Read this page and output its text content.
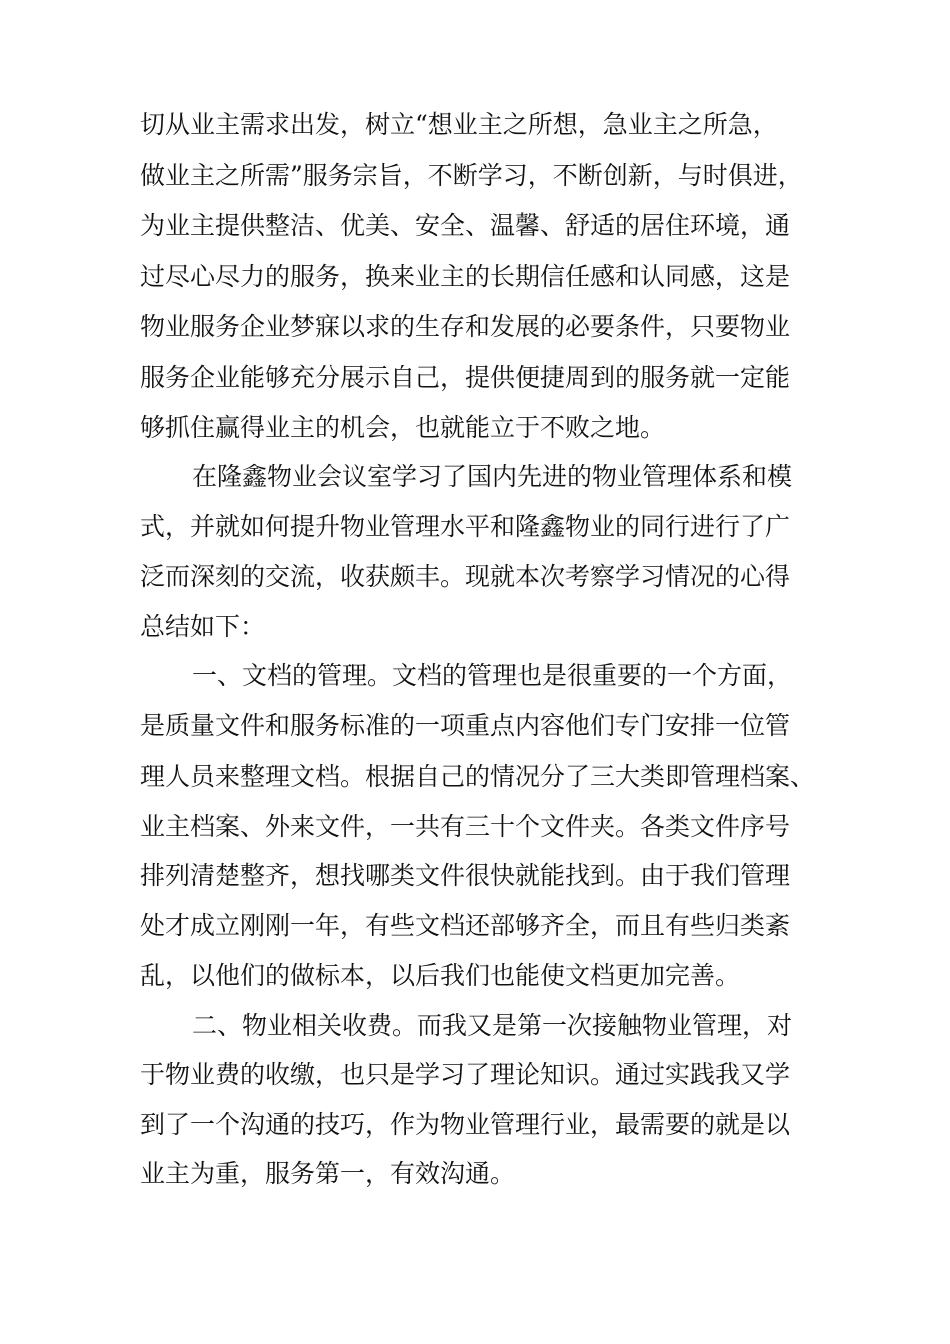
切从业主需求出发，树立“想业主之所想，急业主之所急，

做业主之所需”服务宗旨，不断学习，不断创新，与时俱进，

为业主提供整洁、优美、安全、温馨、舒适的居住环境，通

过尽心尽力的服务，换来业主的长期信任感和认同感，这是

物业服务企业梦寐以求的生存和发展的必要条件，只要物业

服务企业能够充分展示自己，提供便捷周到的服务就一定能

够抓住赢得业主的机会，也就能立于不败之地。

在隆鑫物业会议室学习了国内先进的物业管理体系和模

式，并就如何提升物业管理水平和隆鑫物业的同行进行了广

泛而深刻的交流，收获颇丰。现就本次考察学习情况的心得

总结如下：

一、文档的管理。文档的管理也是很重要的一个方面，

是质量文件和服务标准的一项重点内容他们专门安排一位管

理人员来整理文档。根据自己的情况分了三大类即管理档案、

业主档案、外来文件，一共有三十个文件夹。各类文件序号

排列清楚整齐，想找哪类文件很快就能找到。由于我们管理

处才成立刚刚一年，有些文档还部够齐全，而且有些归类紊

乱，以他们的做标本，以后我们也能使文档更加完善。

二、物业相关收费。而我又是第一次接触物业管理，对

于物业费的收缴，也只是学习了理论知识。通过实践我又学

到了一个沟通的技巧，作为物业管理行业，最需要的就是以

业主为重，服务第一，有效沟通。
